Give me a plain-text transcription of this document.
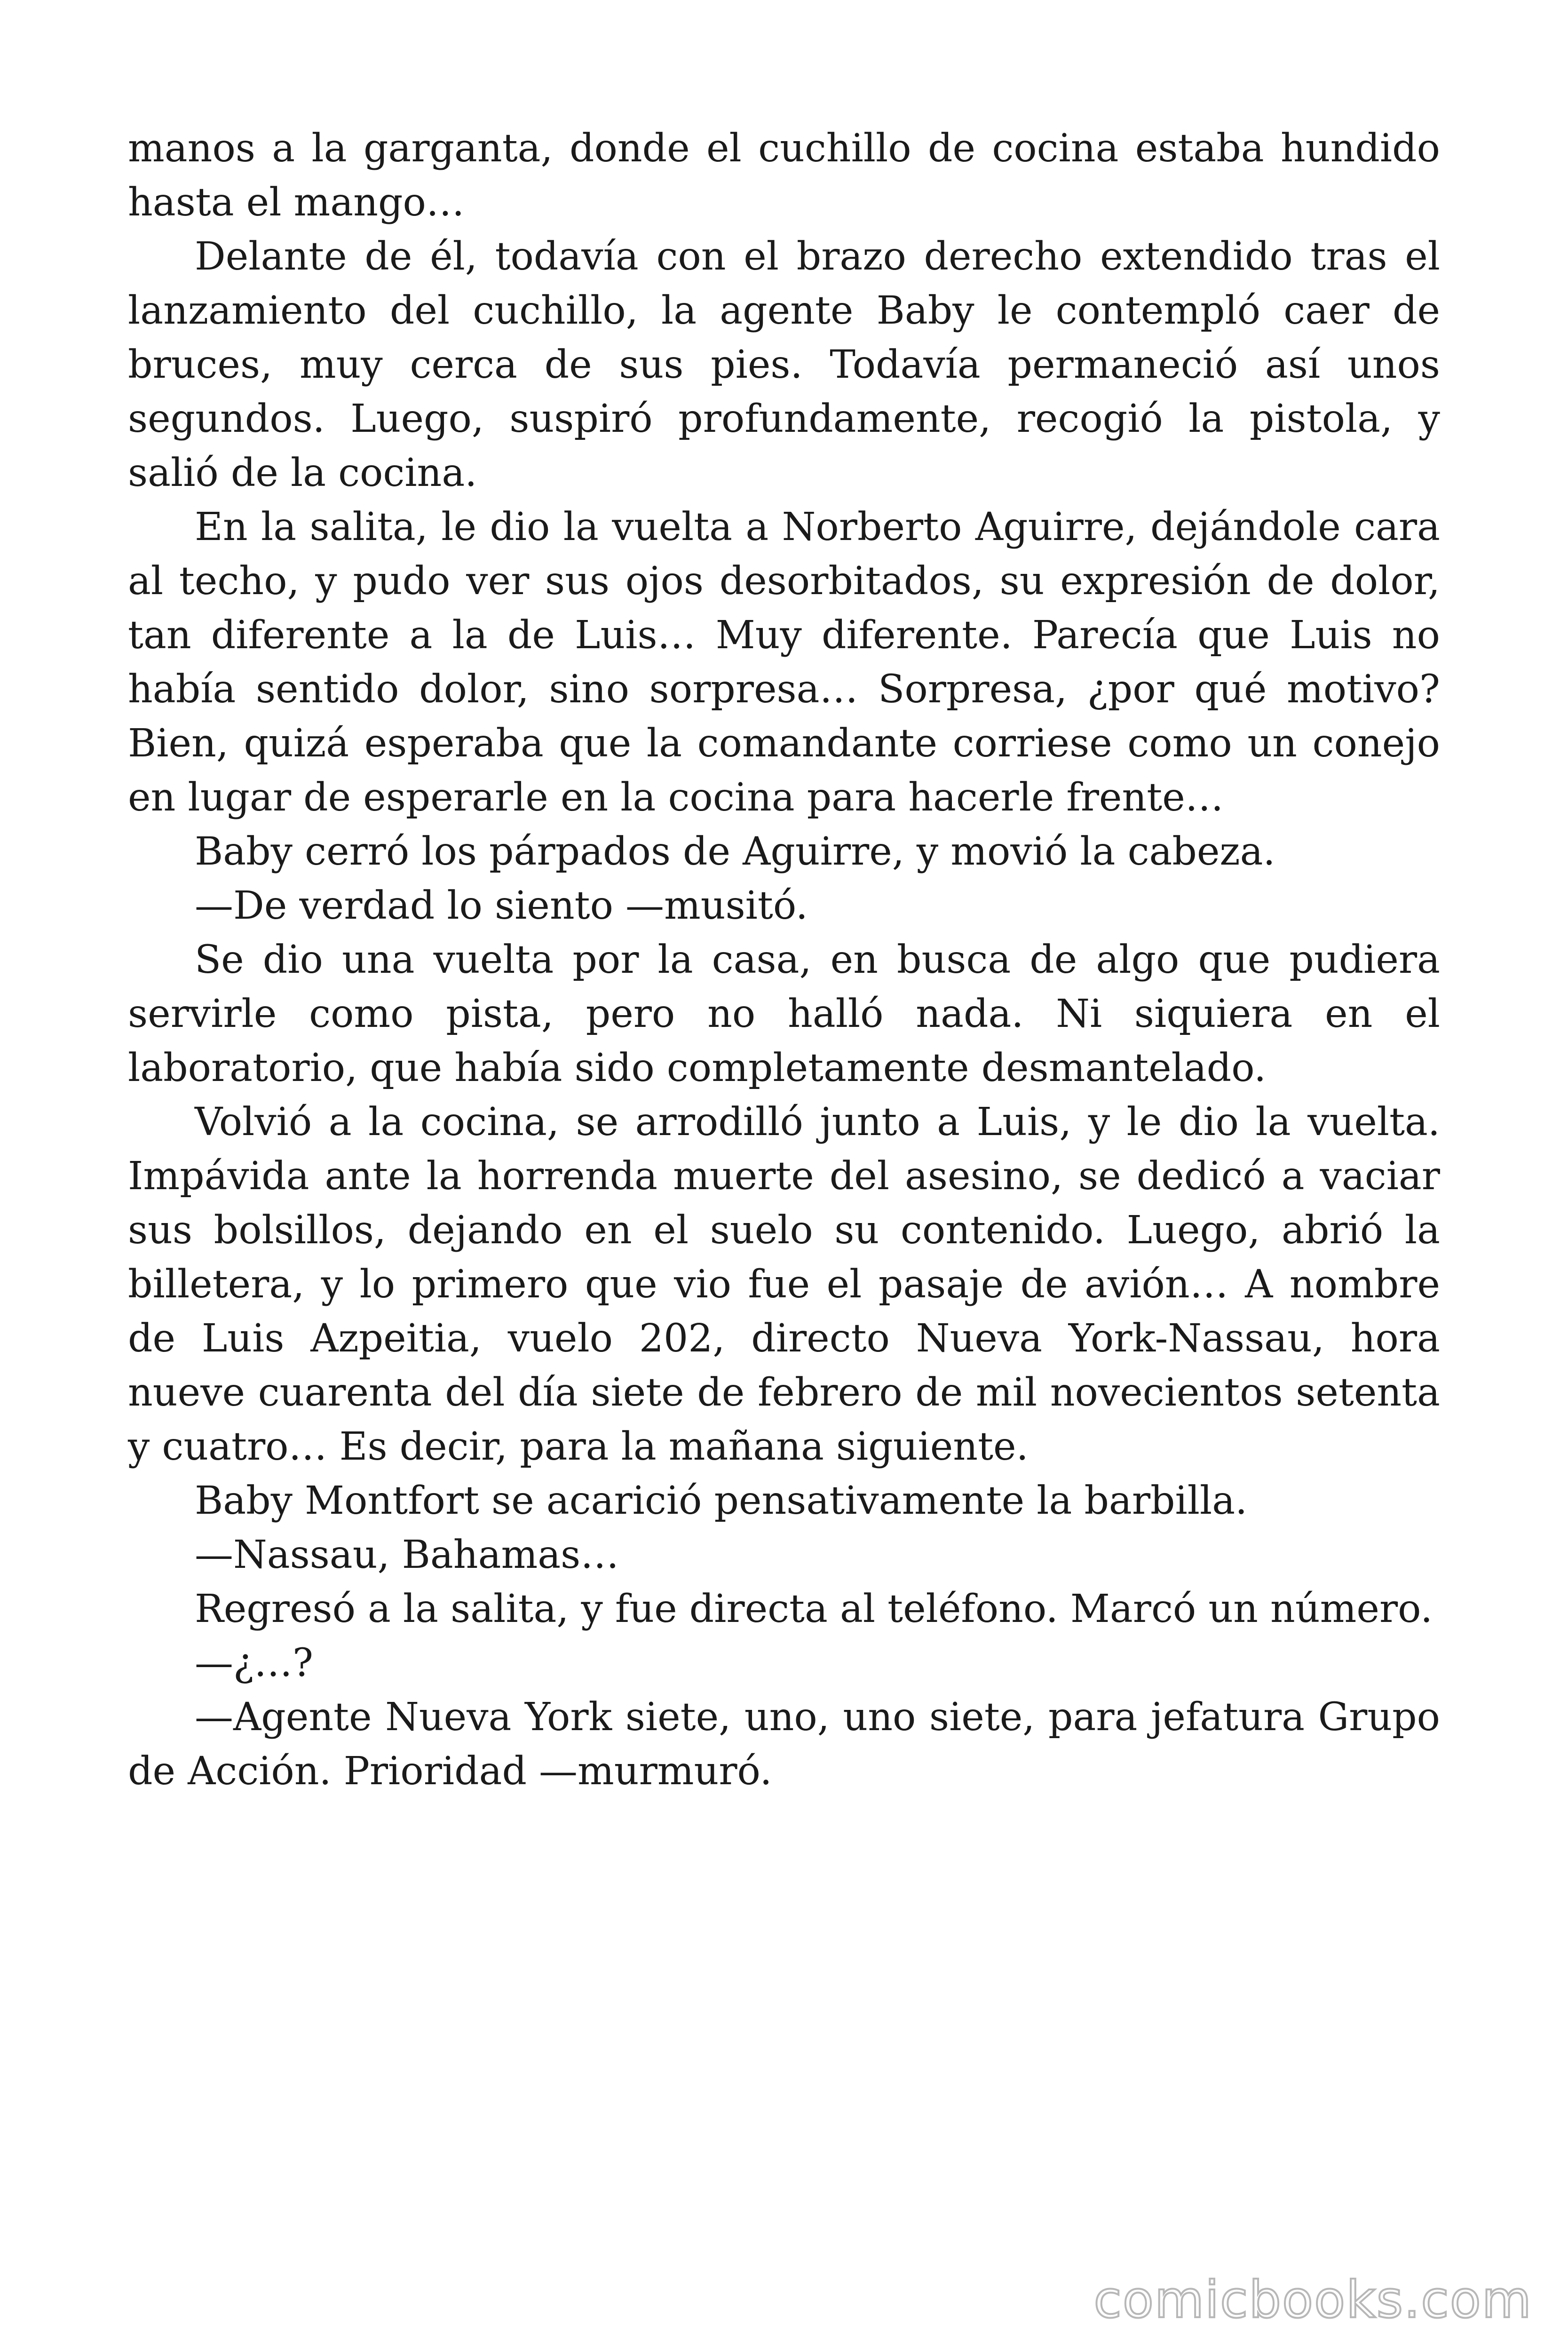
manos a la garganta, donde el cuchillo de cocina estaba hundido hasta el mango…

Delante de él, todavía con el brazo derecho extendido tras el lanzamiento del cuchillo, la agente Baby le contempló caer de bruces, muy cerca de sus pies. Todavía permaneció así unos segundos. Luego, suspiró profundamente, recogió la pistola, y salió de la cocina.

En la salita, le dio la vuelta a Norberto Aguirre, dejándole cara al techo, y pudo ver sus ojos desorbitados, su expresión de dolor, tan diferente a la de Luis… Muy diferente. Parecía que Luis no había sentido dolor, sino sorpresa… Sorpresa, ¿por qué motivo? Bien, quizá esperaba que la comandante corriese como un conejo en lugar de esperarle en la cocina para hacerle frente…

Baby cerró los párpados de Aguirre, y movió la cabeza.

—De verdad lo siento —musitó.

Se dio una vuelta por la casa, en busca de algo que pudiera servirle como pista, pero no halló nada. Ni siquiera en el laboratorio, que había sido completamente desmantelado.

Volvió a la cocina, se arrodilló junto a Luis, y le dio la vuelta. Impávida ante la horrenda muerte del asesino, se dedicó a vaciar sus bolsillos, dejando en el suelo su contenido. Luego, abrió la billetera, y lo primero que vio fue el pasaje de avión… A nombre de Luis Azpeitia, vuelo 202, directo Nueva York-Nassau, hora nueve cuarenta del día siete de febrero de mil novecientos setenta y cuatro… Es decir, para la mañana siguiente.

Baby Montfort se acarició pensativamente la barbilla.

—Nassau, Bahamas…

Regresó a la salita, y fue directa al teléfono. Marcó un número.

—¿…?

—Agente Nueva York siete, uno, uno siete, para jefatura Grupo de Acción. Prioridad —murmuró.

comicbooks.com
